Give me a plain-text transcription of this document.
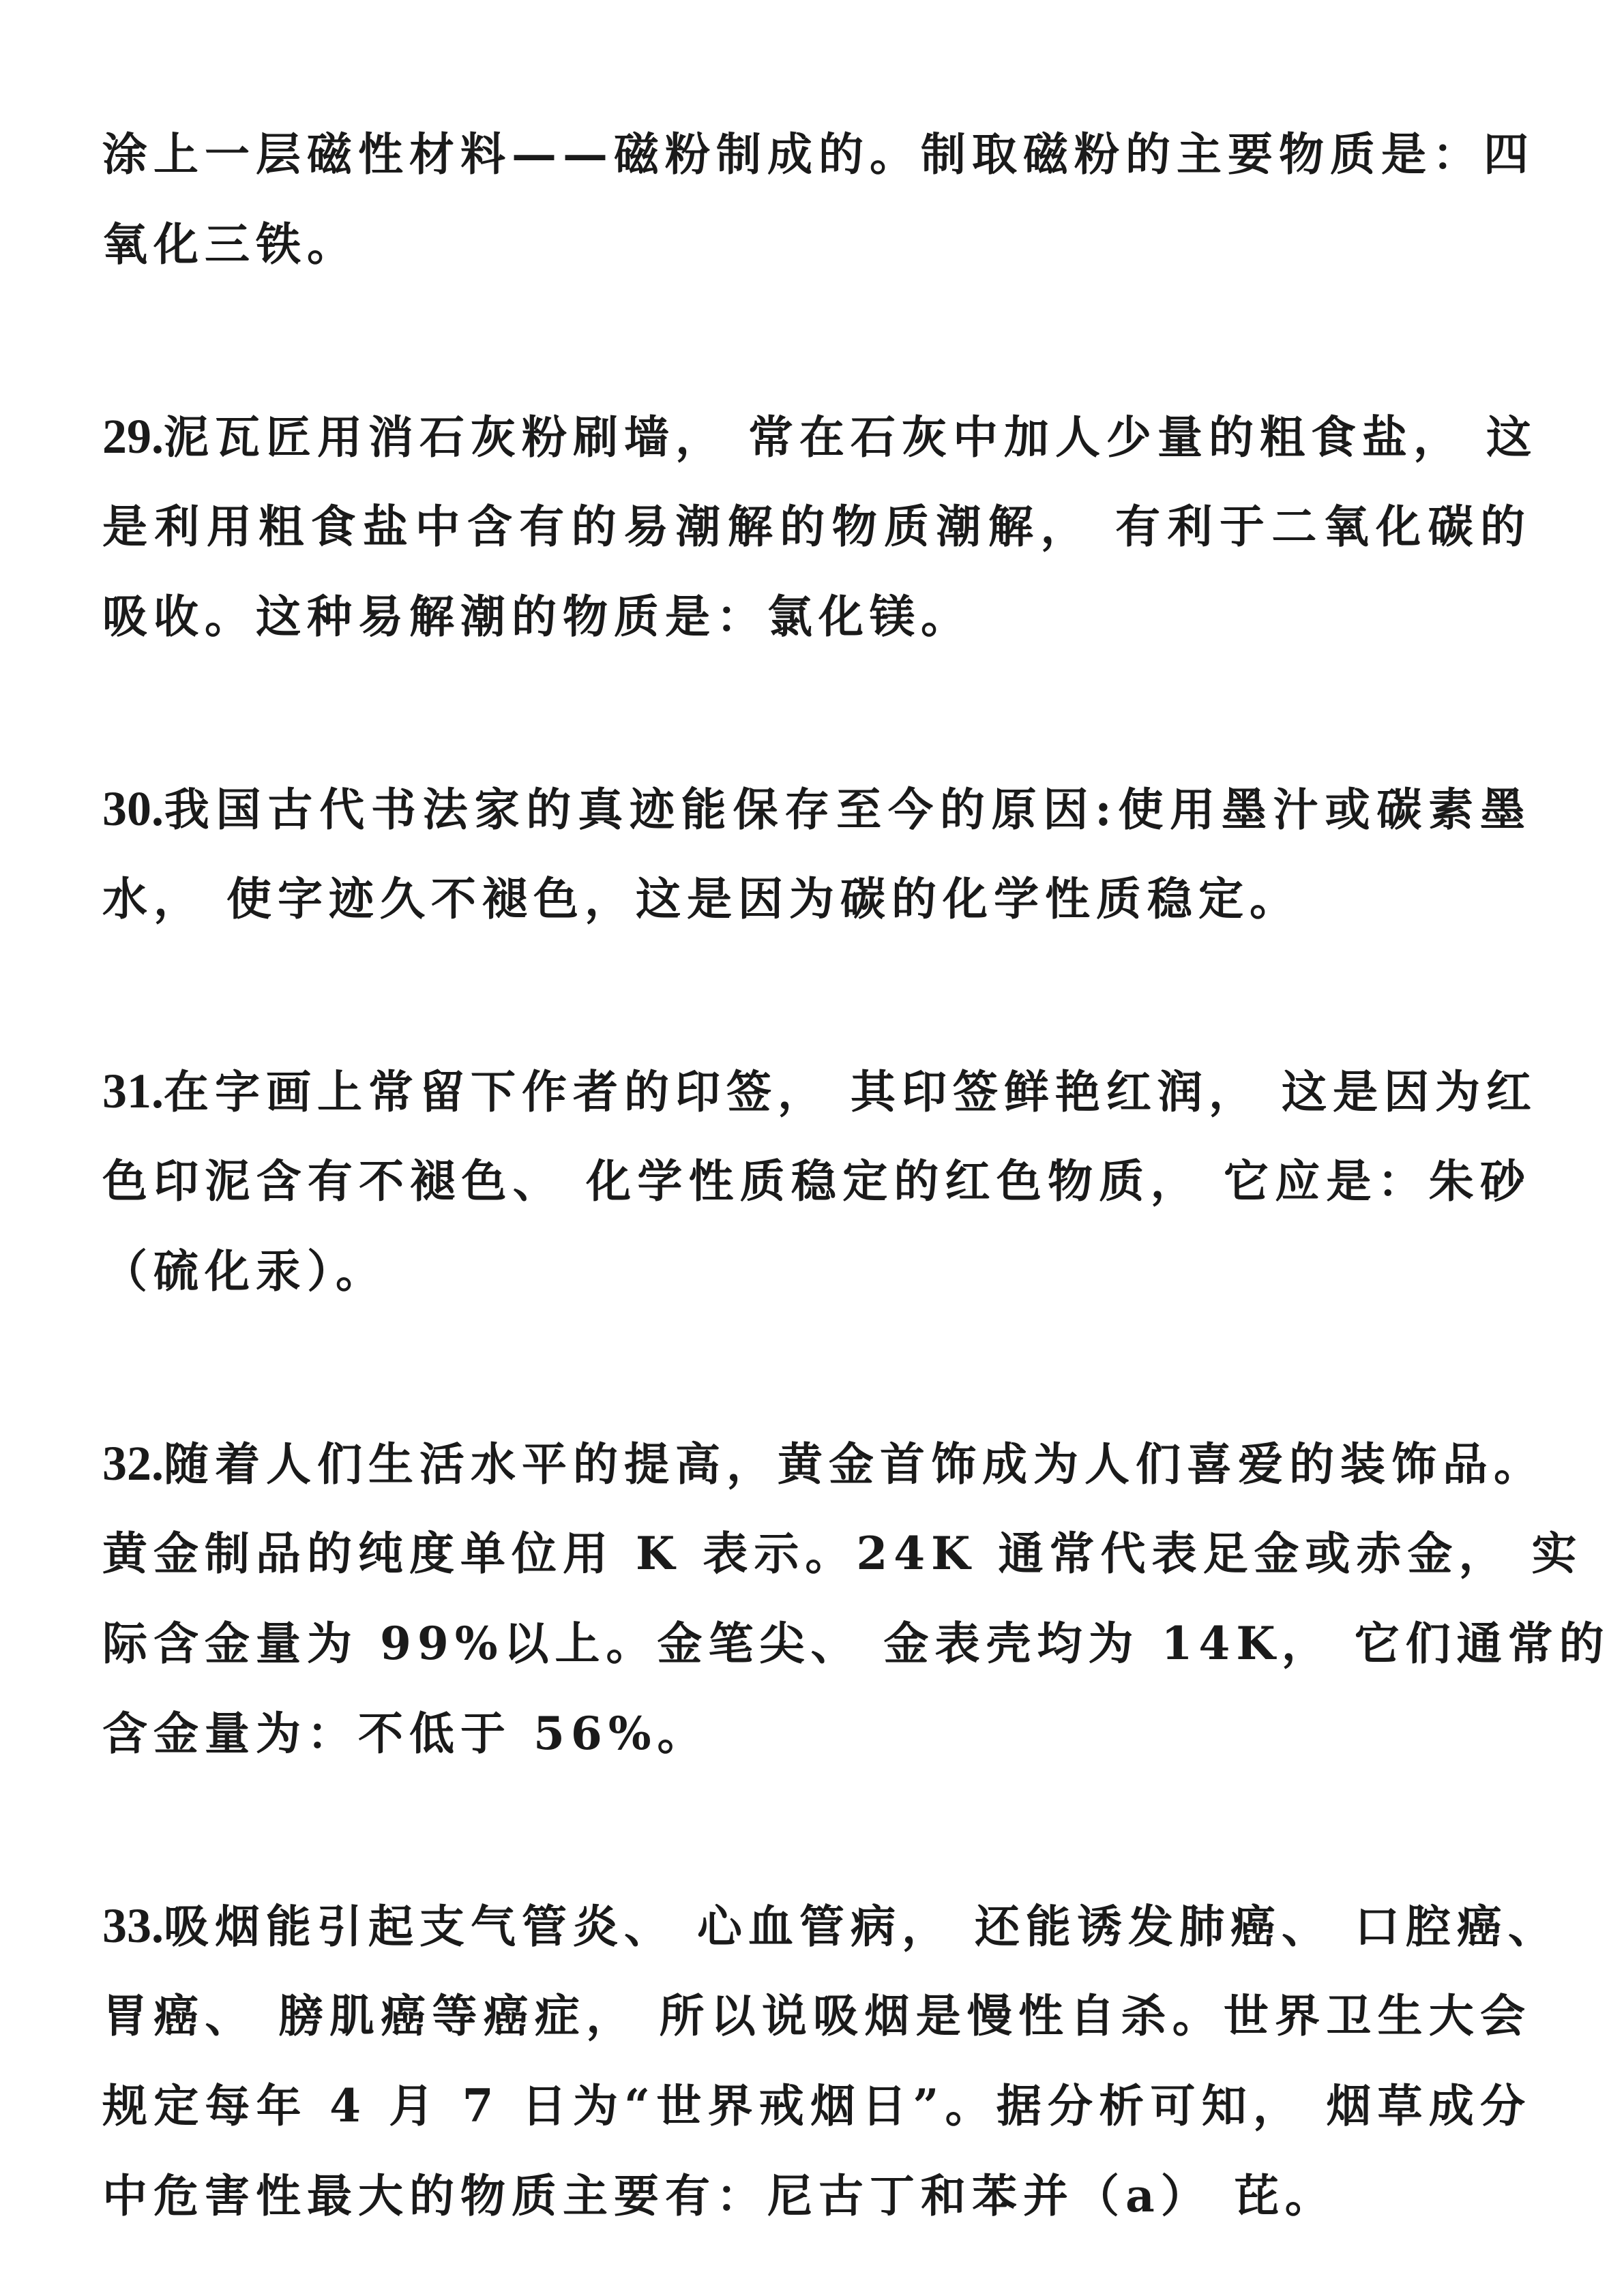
涂上一层磁性材料——磁粉制成的。制取磁粉的主要物质是：四
氧化三铁。
29.泥瓦匠用消石灰粉刷墙， 常在石灰中加人少量的粗食盐， 这
是利用粗食盐中含有的易潮解的物质潮解， 有利于二氧化碳的
吸收。这种易解潮的物质是：氯化镁。
30.我国古代书法家的真迹能保存至今的原因:使用墨汁或碳素墨
水， 使字迹久不褪色，这是因为碳的化学性质稳定。
31.在字画上常留下作者的印签， 其印签鲜艳红润， 这是因为红
色印泥含有不褪色、 化学性质稳定的红色物质， 它应是：朱砂
（硫化汞）。
32.随着人们生活水平的提高，黄金首饰成为人们喜爱的装饰品。
黄金制品的纯度单位用 K 表示。24K 通常代表足金或赤金， 实
际含金量为 99%以上。金笔尖、 金表壳均为 14K， 它们通常的
含金量为：不低于 56%。
33.吸烟能引起支气管炎、 心血管病， 还能诱发肺癌、 口腔癌、
胃癌、 膀肌癌等癌症， 所以说吸烟是慢性自杀。世界卫生大会
规定每年 4 月 7 日为“世界戒烟日”。据分析可知， 烟草成分
中危害性最大的物质主要有：尼古丁和苯并（a） 芘。
